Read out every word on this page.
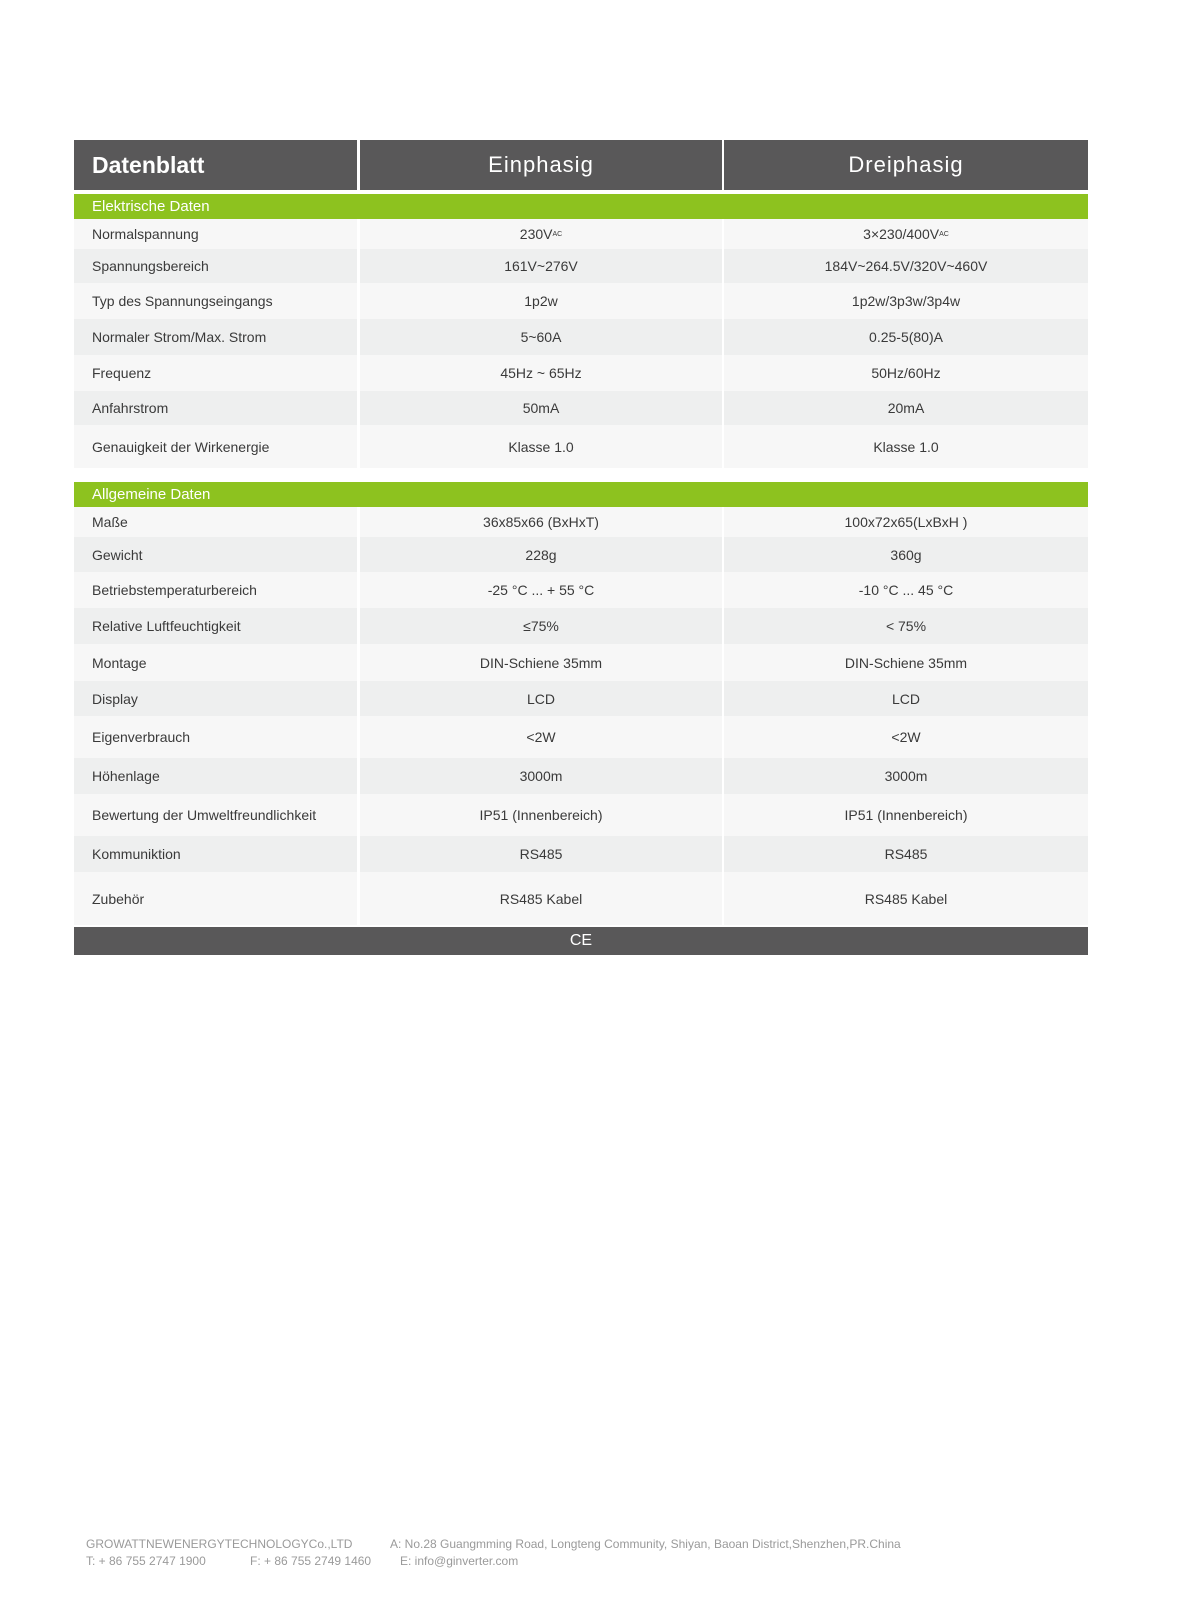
Datenblatt	Einphasig	Dreiphasig
Elektrische Daten
Normalspannung	230V AC	3×230/400V AC
Spannungsbereich	161V~276V	184V~264.5V/320V~460V
Typ des Spannungseingangs	1p2w	1p2w/3p3w/3p4w
Normaler Strom/Max. Strom	5~60A	0.25-5(80)A
Frequenz	45Hz ~ 65Hz	50Hz/60Hz
Anfahrstrom	50mA	20mA
Genauigkeit der Wirkenergie	Klasse 1.0	Klasse 1.0
Allgemeine Daten
Maße	36x85x66 (BxHxT)	100x72x65(LxBxH )
Gewicht	228g	360g
Betriebstemperaturbereich	-25 °C ... + 55 °C	-10 °C ... 45 °C
Relative Luftfeuchtigkeit	≤75%	< 75%
Montage	DIN-Schiene 35mm	DIN-Schiene 35mm
Display	LCD	LCD
Eigenverbrauch	<2W	<2W
Höhenlage	3000m	3000m
Bewertung der Umweltfreundlichkeit	IP51 (Innenbereich)	IP51 (Innenbereich)
Kommuniktion	RS485	RS485
Zubehör	RS485 Kabel	RS485 Kabel
CE
GROWATTNEWENERGYTECHNOLOGYCo.,LTD	A: No.28 Guangmming Road, Longteng Community, Shiyan, Baoan District,Shenzhen,PR.China
T: + 86 755 2747 1900	F: + 86 755 2749 1460	E: info@ginverter.com
